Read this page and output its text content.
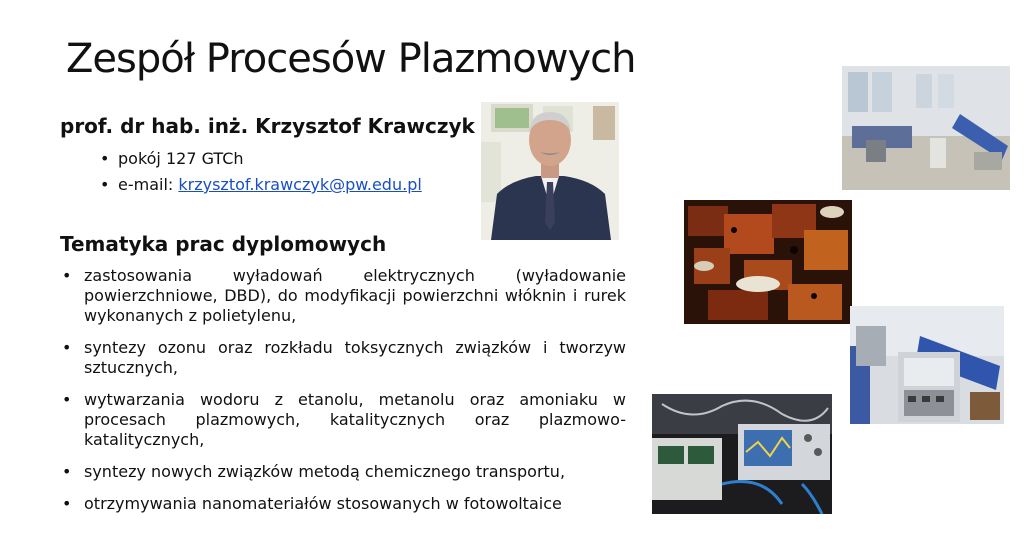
Zespół Procesów Plazmowych
prof. dr hab. inż. Krzysztof Krawczyk
• pokój 127 GTCh
• e-mail: krzysztof.krawczyk@pw.edu.pl
Tematyka prac dyplomowych
• zastosowania wyładowań elektrycznych (wyładowanie powierzchniowe, DBD), do modyfikacji powierzchni włóknin i rurek wykonanych z polietylenu,
• syntezy ozonu oraz rozkładu toksycznych związków i tworzyw sztucznych,
• wytwarzania wodoru z etanolu, metanolu oraz amoniaku w procesach plazmowych, katalitycznych oraz plazmowo-katalitycznych,
• syntezy nowych związków metodą chemicznego transportu,
• otrzymywania nanomateriałów stosowanych w fotowoltaice
